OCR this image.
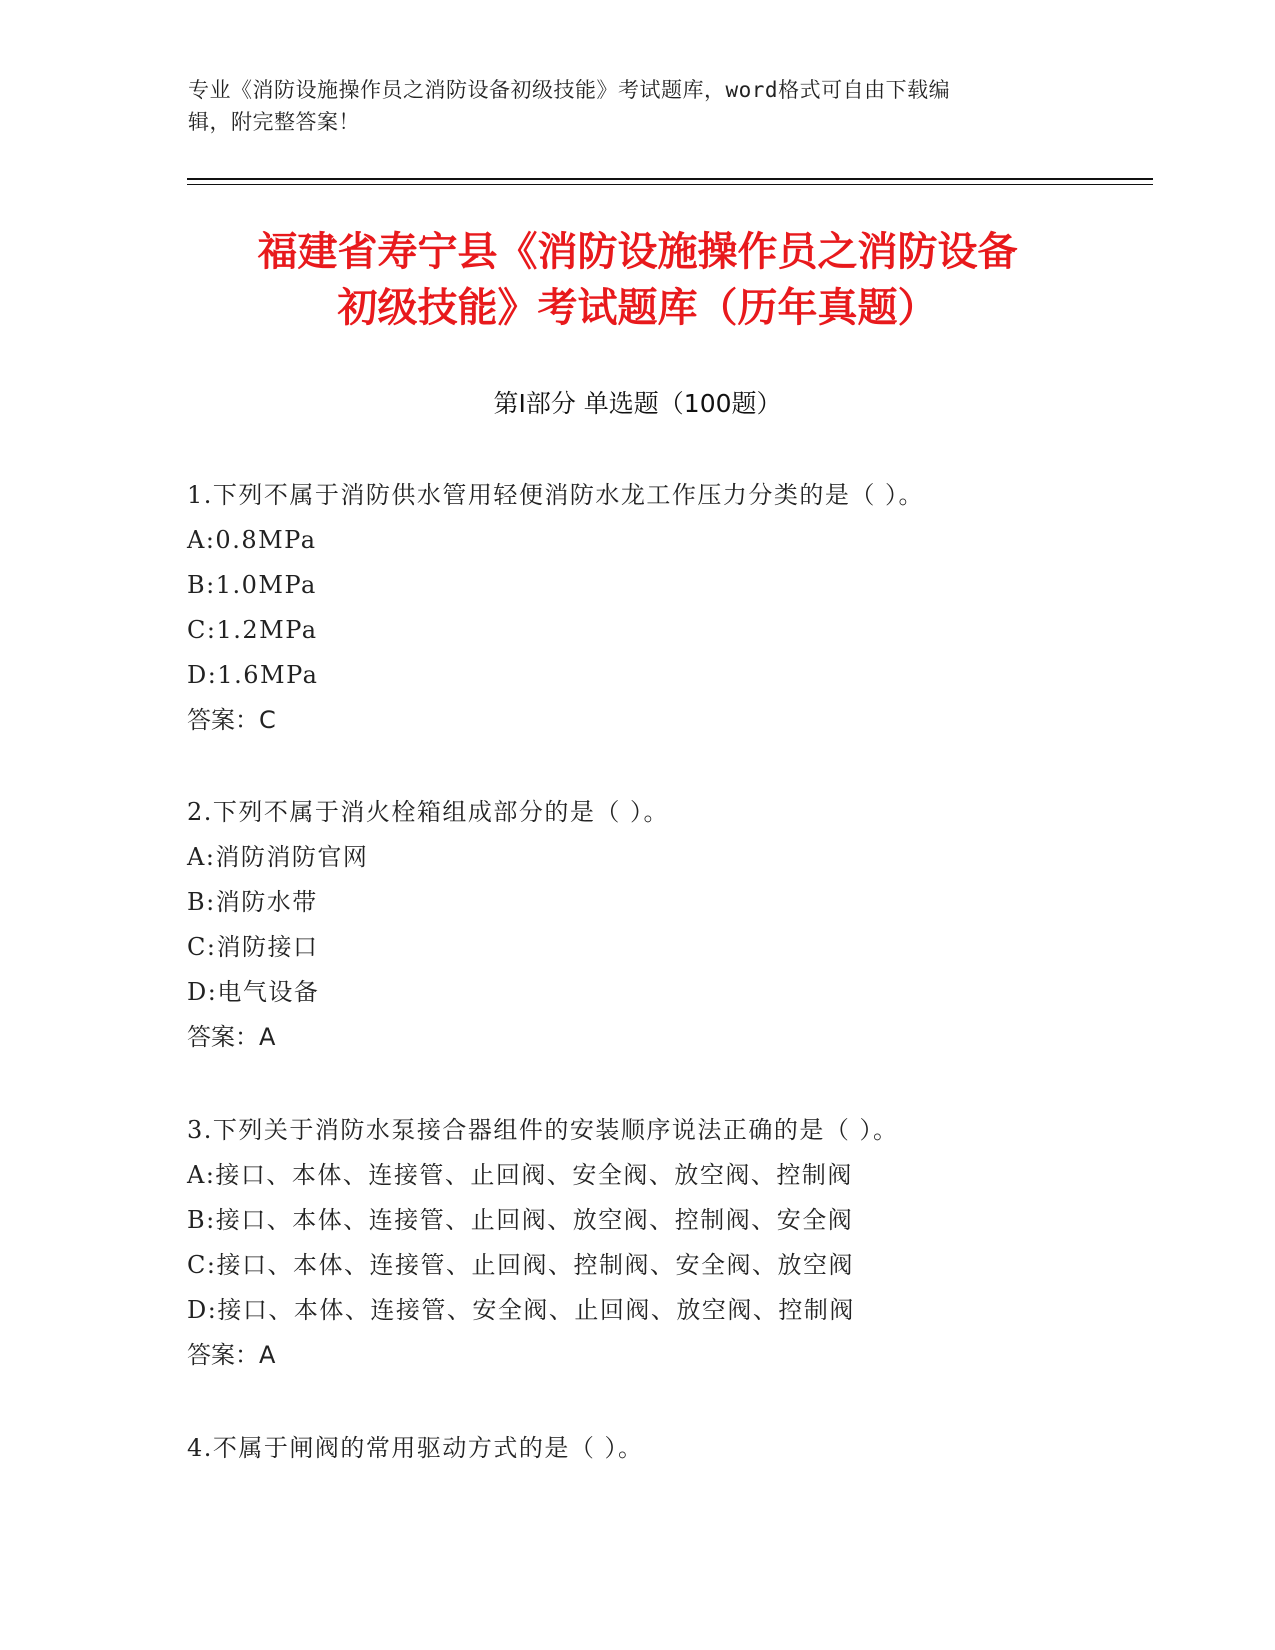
专业《消防设施操作员之消防设备初级技能》考试题库，word格式可自由下载编
辑，附完整答案！
福建省寿宁县《消防设施操作员之消防设备
初级技能》考试题库（历年真题）
第Ⅰ部分 单选题（100题）
1.下列不属于消防供水管用轻便消防水龙工作压力分类的是（ ）。
A:0.8MPa
B:1.0MPa
C:1.2MPa
D:1.6MPa
答案：C
2.下列不属于消火栓箱组成部分的是（ ）。
A:消防消防官网
B:消防水带
C:消防接口
D:电气设备
答案：A
3.下列关于消防水泵接合器组件的安装顺序说法正确的是（ ）。
A:接口、本体、连接管、止回阀、安全阀、放空阀、控制阀
B:接口、本体、连接管、止回阀、放空阀、控制阀、安全阀
C:接口、本体、连接管、止回阀、控制阀、安全阀、放空阀
D:接口、本体、连接管、安全阀、止回阀、放空阀、控制阀
答案：A
4.不属于闸阀的常用驱动方式的是（ ）。
